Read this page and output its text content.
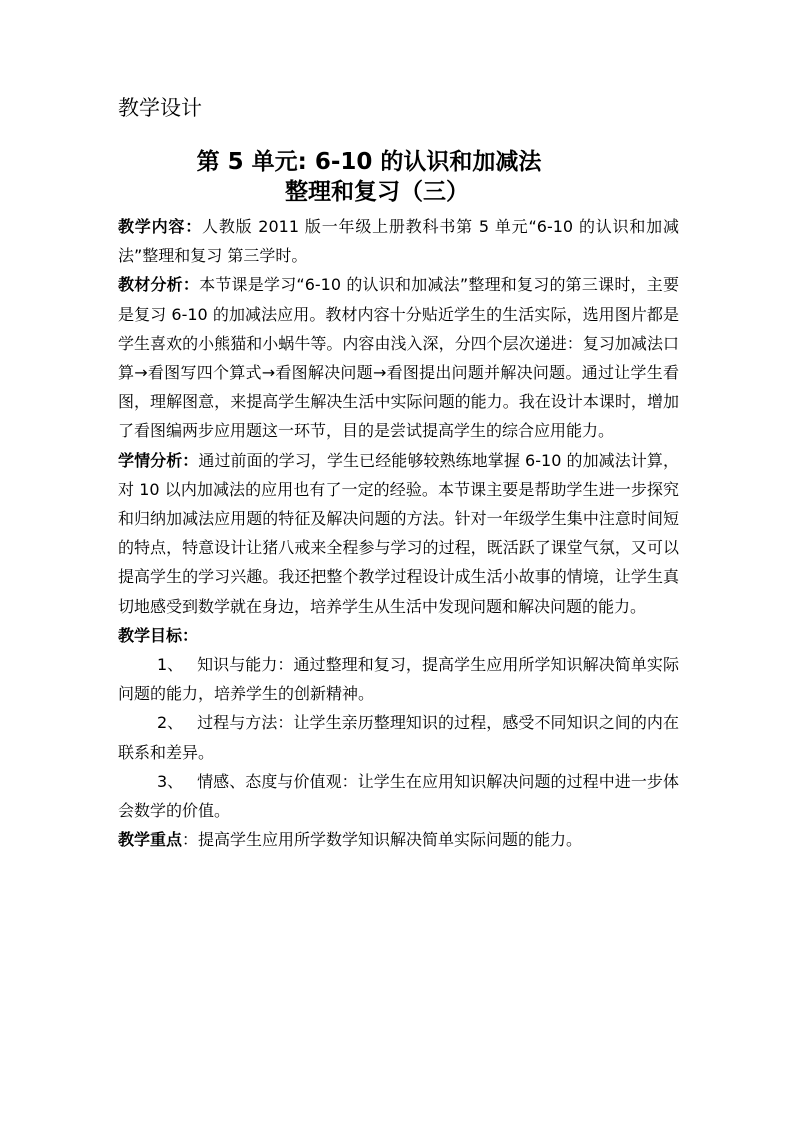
教学设计
第 5 单元: 6-10 的认识和加减法
整理和复习（三）

教学内容：人教版 2011 版一年级上册教科书第 5 单元“6-10 的认识和加减法”整理和复习 第三学时。

教材分析：本节课是学习“6-10 的认识和加减法”整理和复习的第三课时，主要是复习 6-10 的加减法应用。教材内容十分贴近学生的生活实际，选用图片都是学生喜欢的小熊猫和小蜗牛等。内容由浅入深，分四个层次递进：复习加减法口算→看图写四个算式→看图解决问题→看图提出问题并解决问题。通过让学生看图，理解图意，来提高学生解决生活中实际问题的能力。我在设计本课时，增加了看图编两步应用题这一环节，目的是尝试提高学生的综合应用能力。

学情分析：通过前面的学习，学生已经能够较熟练地掌握 6-10 的加减法计算，对 10 以内加减法的应用也有了一定的经验。本节课主要是帮助学生进一步探究和归纳加减法应用题的特征及解决问题的方法。针对一年级学生集中注意时间短的特点，特意设计让猪八戒来全程参与学习的过程，既活跃了课堂气氛，又可以提高学生的学习兴趣。我还把整个教学过程设计成生活小故事的情境，让学生真切地感受到数学就在身边，培养学生从生活中发现问题和解决问题的能力。

教学目标：

1、 知识与能力：通过整理和复习，提高学生应用所学知识解决简单实际问题的能力，培养学生的创新精神。

2、 过程与方法：让学生亲历整理知识的过程，感受不同知识之间的内在联系和差异。

3、 情感、态度与价值观：让学生在应用知识解决问题的过程中进一步体会数学的价值。

教学重点：提高学生应用所学数学知识解决简单实际问题的能力。
